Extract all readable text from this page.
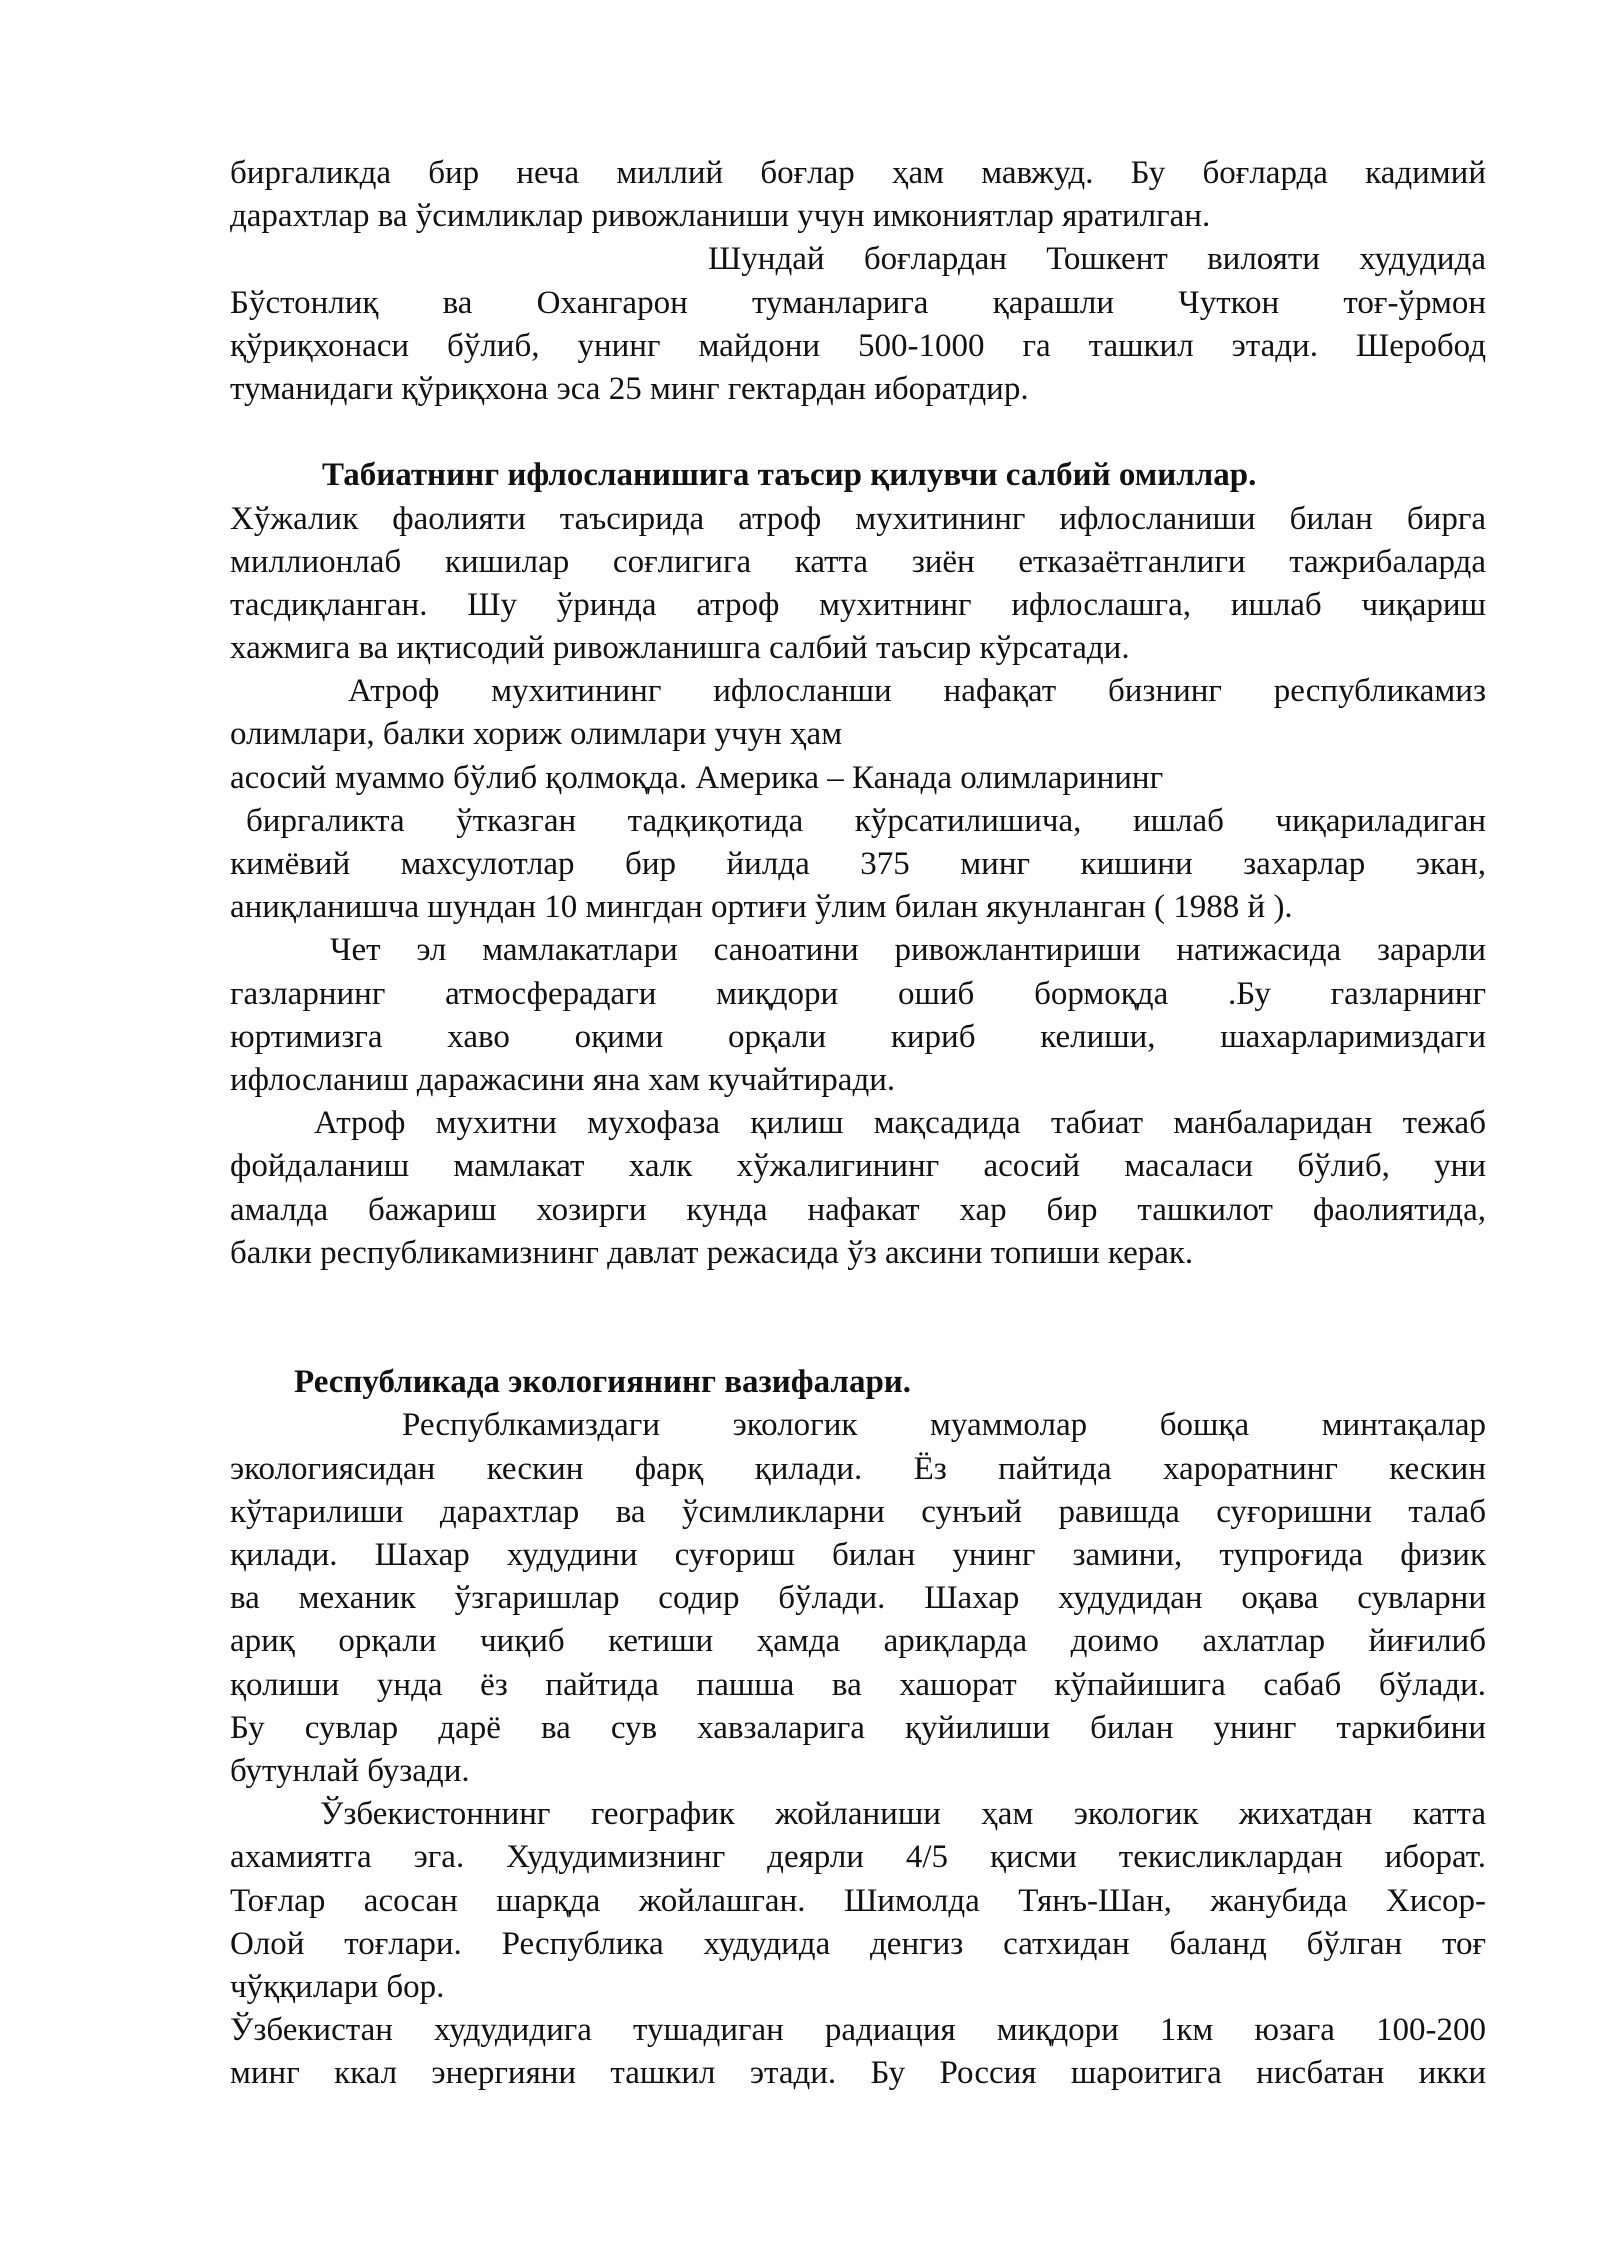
биргаликда бир неча миллий боғлар ҳам мавжуд. Бу боғларда кадимий
дарахтлар ва ўсимликлар ривожланиши учун имкониятлар яратилган.
Шундай боғлардан Тошкент вилояти худудида
Бўстонлиқ ва Охангарон туманларига қарашли Чуткон тоғ-ўрмон
қўриқхонаси бўлиб, унинг майдони 500-1000 га ташкил этади. Шеробод
туманидаги қўриқхона эса 25 минг гектардан иборатдир.
Табиатнинг ифлосланишига таъсир қилувчи салбий омиллар.
Хўжалик фаолияти таъсирида атроф мухитининг ифлосланиши билан бирга
миллионлаб кишилар соғлигига катта зиён етказаётганлиги тажрибаларда
тасдиқланган. Шу ўринда атроф мухитнинг ифлослашга, ишлаб чиқариш
хажмига ва иқтисодий ривожланишга салбий таъсир кўрсатади.
Атроф мухитининг ифлосланши нафақат бизнинг республикамиз
олимлари, балки хориж олимлари учун ҳам
асосий муаммо бўлиб қолмоқда. Америка – Канада олимларининг
биргаликта ўтказган тадқиқотида кўрсатилишича, ишлаб чиқариладиган
кимёвий махсулотлар бир йилда 375 минг кишини захарлар экан,
аниқланишча шундан 10 мингдан ортиғи ўлим билан якунланган ( 1988 й ).
Чет эл мамлакатлари саноатини ривожлантириши натижасида зарарли
газларнинг атмосферадаги миқдори ошиб бормоқда .Бу газларнинг
юртимизга хаво оқими орқали кириб келиши, шахарларимиздаги
ифлосланиш даражасини яна хам кучайтиради.
Атроф мухитни мухофаза қилиш мақсадида табиат манбаларидан тежаб
фойдаланиш мамлакат халк хўжалигининг асосий масаласи бўлиб, уни
амалда бажариш хозирги кунда нафакат хар бир ташкилот фаолиятида,
балки республикамизнинг давлат режасида ўз аксини топиши керак.
Республикада экологиянинг вазифалари.
Республкамиздаги экологик муаммолар бошқа минтақалар
экологиясидан кескин фарқ қилади. Ёз пайтида хароратнинг кескин
кўтарилиши дарахтлар ва ўсимликларни сунъий равишда суғоришни талаб
қилади. Шахар худудини суғориш билан унинг замини, тупроғида физик
ва механик ўзгаришлар содир бўлади. Шахар худудидан оқава сувларни
ариқ орқали чиқиб кетиши ҳамда ариқларда доимо ахлатлар йиғилиб
қолиши унда ёз пайтида пашша ва хашорат кўпайишига сабаб бўлади.
Бу сувлар дарё ва сув хавзаларига қуйилиши билан унинг таркибини
бутунлай бузади.
Ўзбекистоннинг географик жойланиши ҳам экологик жихатдан катта
ахамиятга эга. Худудимизнинг деярли 4/5 қисми текисликлардан иборат.
Тоғлар асосан шарқда жойлашган. Шимолда Тянъ-Шан, жанубида Хисор-
Олой тоғлари. Республика худудида денгиз сатхидан баланд бўлган тоғ
чўққилари бор.
Ўзбекистан худудидига тушадиган радиация миқдори 1км юзага 100-200
минг ккал энергияни ташкил этади. Бу Россия шароитига нисбатан икки
